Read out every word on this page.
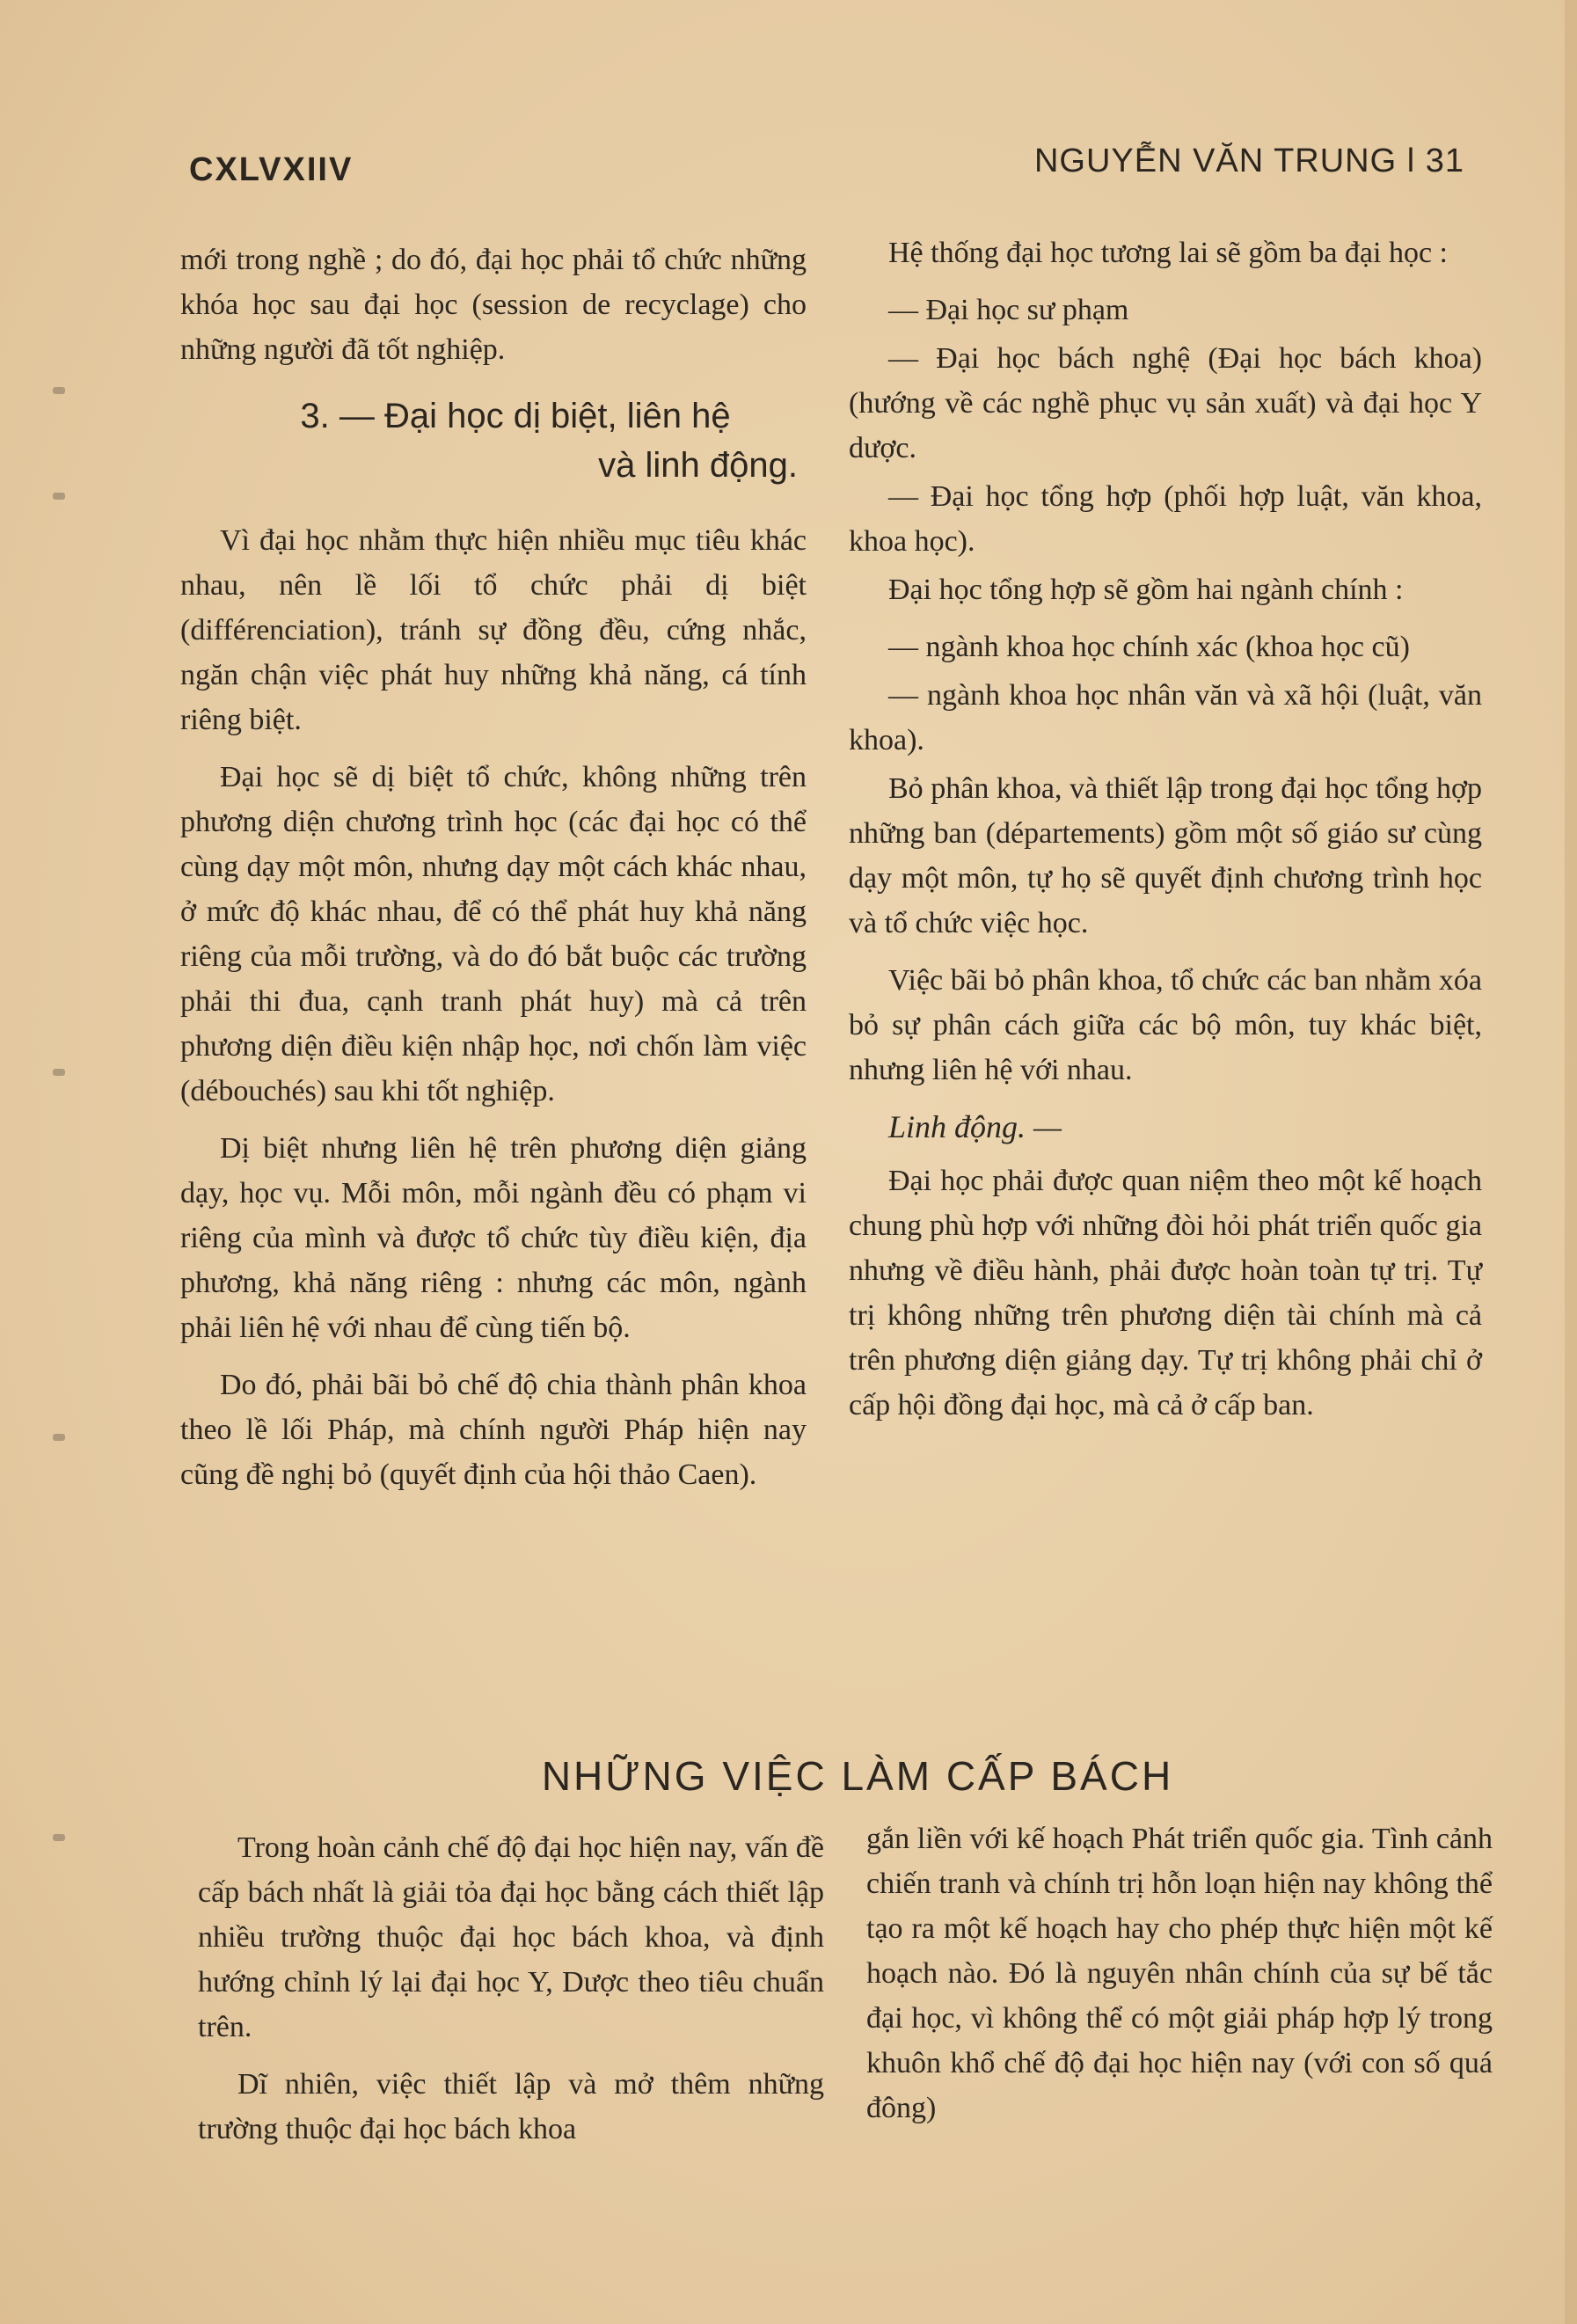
CXLVXIIV	NGUYỄN VĂN TRUNG l 31

mới trong nghề ; do đó, đại học phải tổ chức những khóa học sau đại học (session de recyclage) cho những người đã tốt nghiệp.

3. — Đại học dị biệt, liên hệ
và linh động.

Vì đại học nhằm thực hiện nhiều mục tiêu khác nhau, nên lề lối tổ chức phải dị biệt (différenciation), tránh sự đồng đều, cứng nhắc, ngăn chận việc phát huy những khả năng, cá tính riêng biệt.

Đại học sẽ dị biệt tổ chức, không những trên phương diện chương trình học (các đại học có thể cùng dạy một môn, nhưng dạy một cách khác nhau, ở mức độ khác nhau, để có thể phát huy khả năng riêng của mỗi trường, và do đó bắt buộc các trường phải thi đua, cạnh tranh phát huy) mà cả trên phương diện điều kiện nhập học, nơi chốn làm việc (débouchés) sau khi tốt nghiệp.

Dị biệt nhưng liên hệ trên phương diện giảng dạy, học vụ. Mỗi môn, mỗi ngành đều có phạm vi riêng của mình và được tổ chức tùy điều kiện, địa phương, khả năng riêng : nhưng các môn, ngành phải liên hệ với nhau để cùng tiến bộ.

Do đó, phải bãi bỏ chế độ chia thành phân khoa theo lề lối Pháp, mà chính người Pháp hiện nay cũng đề nghị bỏ (quyết định của hội thảo Caen).

Hệ thống đại học tương lai sẽ gồm ba đại học :

— Đại học sư phạm
— Đại học bách nghệ (Đại học bách khoa) (hướng về các nghề phục vụ sản xuất) và đại học Y dược.
— Đại học tổng hợp (phối hợp luật, văn khoa, khoa học).

Đại học tổng hợp sẽ gồm hai ngành chính :

— ngành khoa học chính xác (khoa học cũ)
— ngành khoa học nhân văn và xã hội (luật, văn khoa).

Bỏ phân khoa, và thiết lập trong đại học tổng hợp những ban (départements) gồm một số giáo sư cùng dạy một môn, tự họ sẽ quyết định chương trình học và tổ chức việc học.

Việc bãi bỏ phân khoa, tổ chức các ban nhằm xóa bỏ sự phân cách giữa các bộ môn, tuy khác biệt, nhưng liên hệ với nhau.

Linh động. —

Đại học phải được quan niệm theo một kế hoạch chung phù hợp với những đòi hỏi phát triển quốc gia nhưng về điều hành, phải được hoàn toàn tự trị. Tự trị không những trên phương diện tài chính mà cả trên phương diện giảng dạy. Tự trị không phải chỉ ở cấp hội đồng đại học, mà cả ở cấp ban.

NHỮNG VIỆC LÀM CẤP BÁCH

Trong hoàn cảnh chế độ đại học hiện nay, vấn đề cấp bách nhất là giải tỏa đại học bằng cách thiết lập nhiều trường thuộc đại học bách khoa, và định hướng chỉnh lý lại đại học Y, Dược theo tiêu chuẩn trên.

Dĩ nhiên, việc thiết lập và mở thêm những trường thuộc đại học bách khoa

gắn liền với kế hoạch Phát triển quốc gia. Tình cảnh chiến tranh và chính trị hỗn loạn hiện nay không thể tạo ra một kế hoạch hay cho phép thực hiện một kế hoạch nào. Đó là nguyên nhân chính của sự bế tắc đại học, vì không thể có một giải pháp hợp lý trong khuôn khổ chế độ đại học hiện nay (với con số quá đông)
